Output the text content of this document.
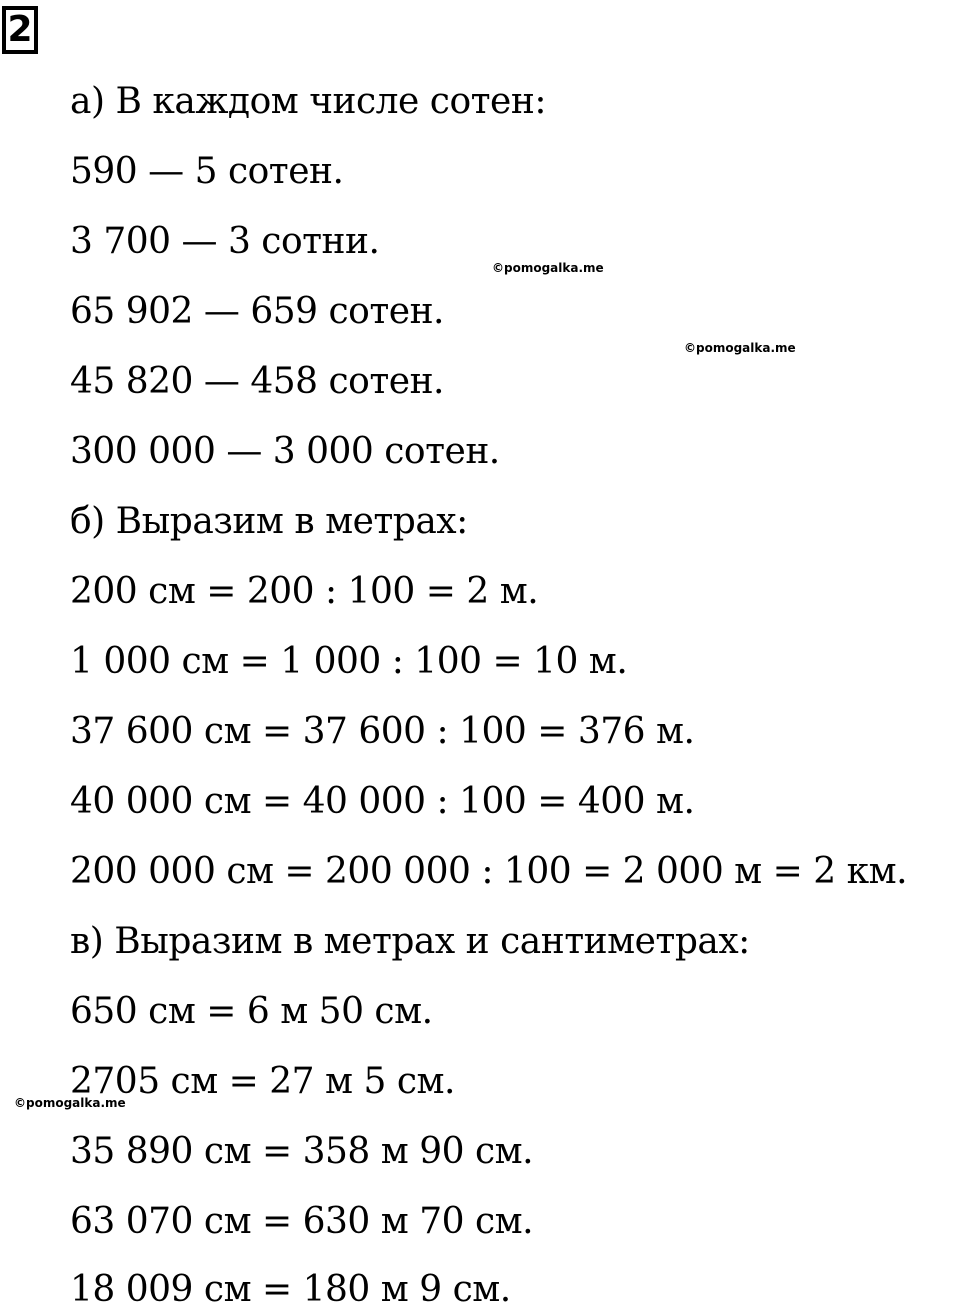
2
а) В каждом числе сотен:
590 — 5 сотен.
3 700 — 3 сотни.
65 902 — 659 сотен.
45 820 — 458 сотен.
300 000 — 3 000 сотен.
б) Выразим в метрах:
200 см = 200 : 100 = 2 м.
1 000 см = 1 000 : 100 = 10 м.
37 600 см = 37 600 : 100 = 376 м.
40 000 см = 40 000 : 100 = 400 м.
200 000 см = 200 000 : 100 = 2 000 м = 2 км.
в) Выразим в метрах и сантиметрах:
650 см = 6 м 50 см.
2705 см = 27 м 5 см.
35 890 см = 358 м 90 см.
63 070 см = 630 м 70 см.
18 009 см = 180 м 9 см.
©pomogalka.me
©pomogalka.me
©pomogalka.me
